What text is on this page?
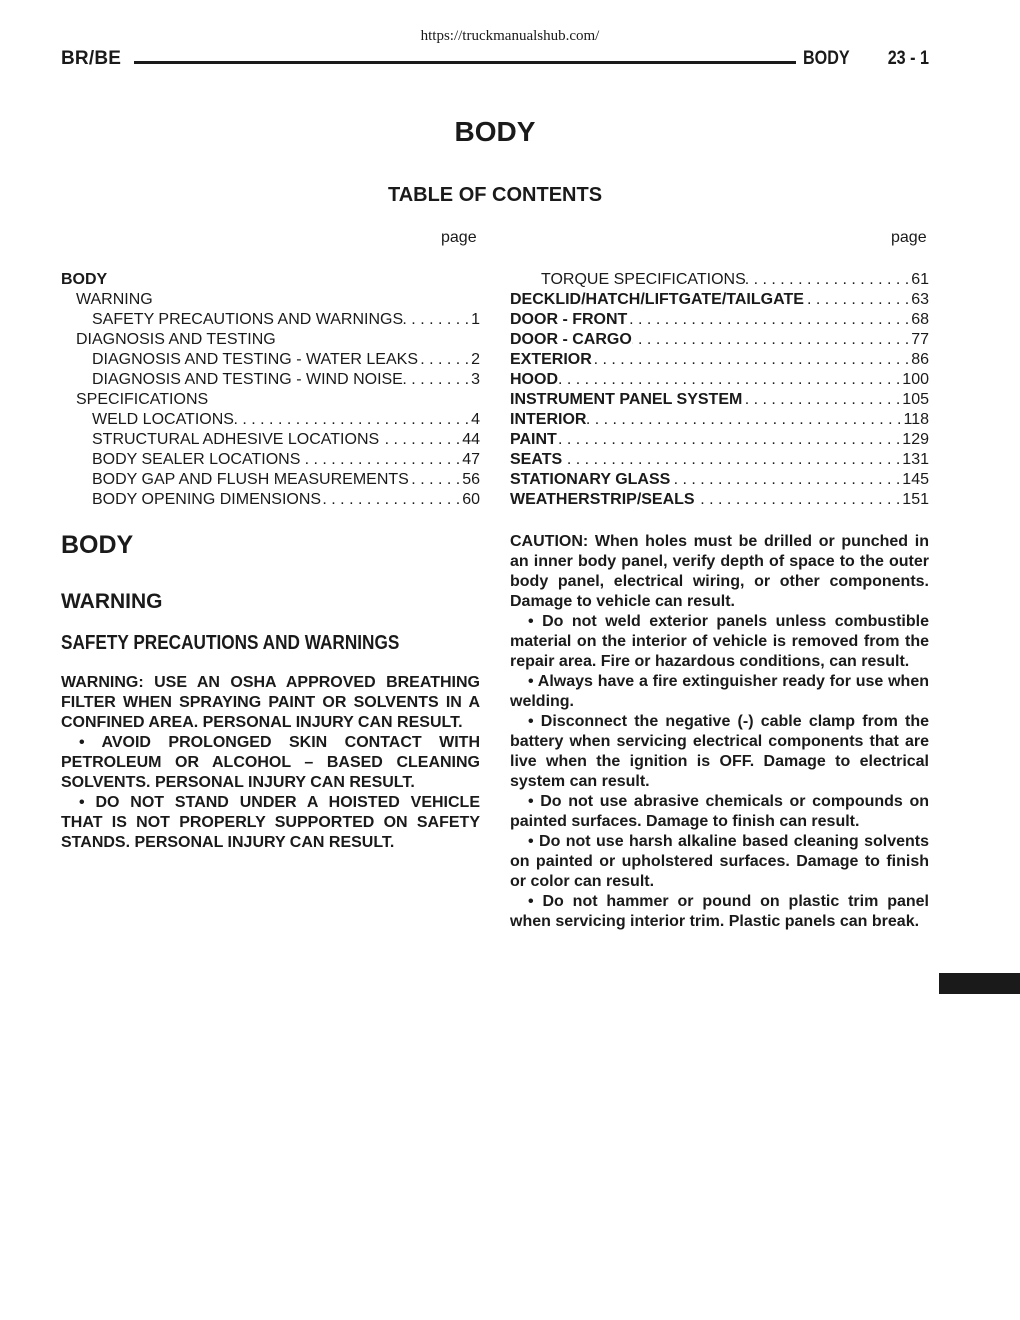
https://truckmanualshub.com/
BR/BE	BODY	23 - 1
BODY
TABLE OF CONTENTS
page	page
BODY
WARNING
SAFETY PRECAUTIONS AND WARNINGS . . .	1
DIAGNOSIS AND TESTING
DIAGNOSIS AND TESTING - WATER LEAKS . . .	2
DIAGNOSIS AND TESTING - WIND NOISE . . .	3
SPECIFICATIONS
WELD LOCATIONS . . .	4
STRUCTURAL ADHESIVE LOCATIONS . . .	44
BODY SEALER LOCATIONS . . .	47
BODY GAP AND FLUSH MEASUREMENTS . . .	56
BODY OPENING DIMENSIONS . . .	60
TORQUE SPECIFICATIONS . . .	61
DECKLID/HATCH/LIFTGATE/TAILGATE . . .	63
DOOR - FRONT . . .	68
DOOR - CARGO . . .	77
EXTERIOR . . .	86
HOOD . . .	100
INSTRUMENT PANEL SYSTEM . . .	105
INTERIOR . . .	118
PAINT . . .	129
SEATS . . .	131
STATIONARY GLASS . . .	145
WEATHERSTRIP/SEALS . . .	151
BODY
WARNING
SAFETY PRECAUTIONS AND WARNINGS

WARNING: USE AN OSHA APPROVED BREATHING FILTER WHEN SPRAYING PAINT OR SOLVENTS IN A CONFINED AREA. PERSONAL INJURY CAN RESULT.

• AVOID PROLONGED SKIN CONTACT WITH PETROLEUM OR ALCOHOL – BASED CLEANING SOLVENTS. PERSONAL INJURY CAN RESULT.

• DO NOT STAND UNDER A HOISTED VEHICLE THAT IS NOT PROPERLY SUPPORTED ON SAFETY STANDS. PERSONAL INJURY CAN RESULT.

CAUTION: When holes must be drilled or punched in an inner body panel, verify depth of space to the outer body panel, electrical wiring, or other components. Damage to vehicle can result.

• Do not weld exterior panels unless combustible material on the interior of vehicle is removed from the repair area. Fire or hazardous conditions, can result.

• Always have a fire extinguisher ready for use when welding.

• Disconnect the negative (-) cable clamp from the battery when servicing electrical components that are live when the ignition is OFF. Damage to electrical system can result.

• Do not use abrasive chemicals or compounds on painted surfaces. Damage to finish can result.

• Do not use harsh alkaline based cleaning solvents on painted or upholstered surfaces. Damage to finish or color can result.

• Do not hammer or pound on plastic trim panel when servicing interior trim. Plastic panels can break.
